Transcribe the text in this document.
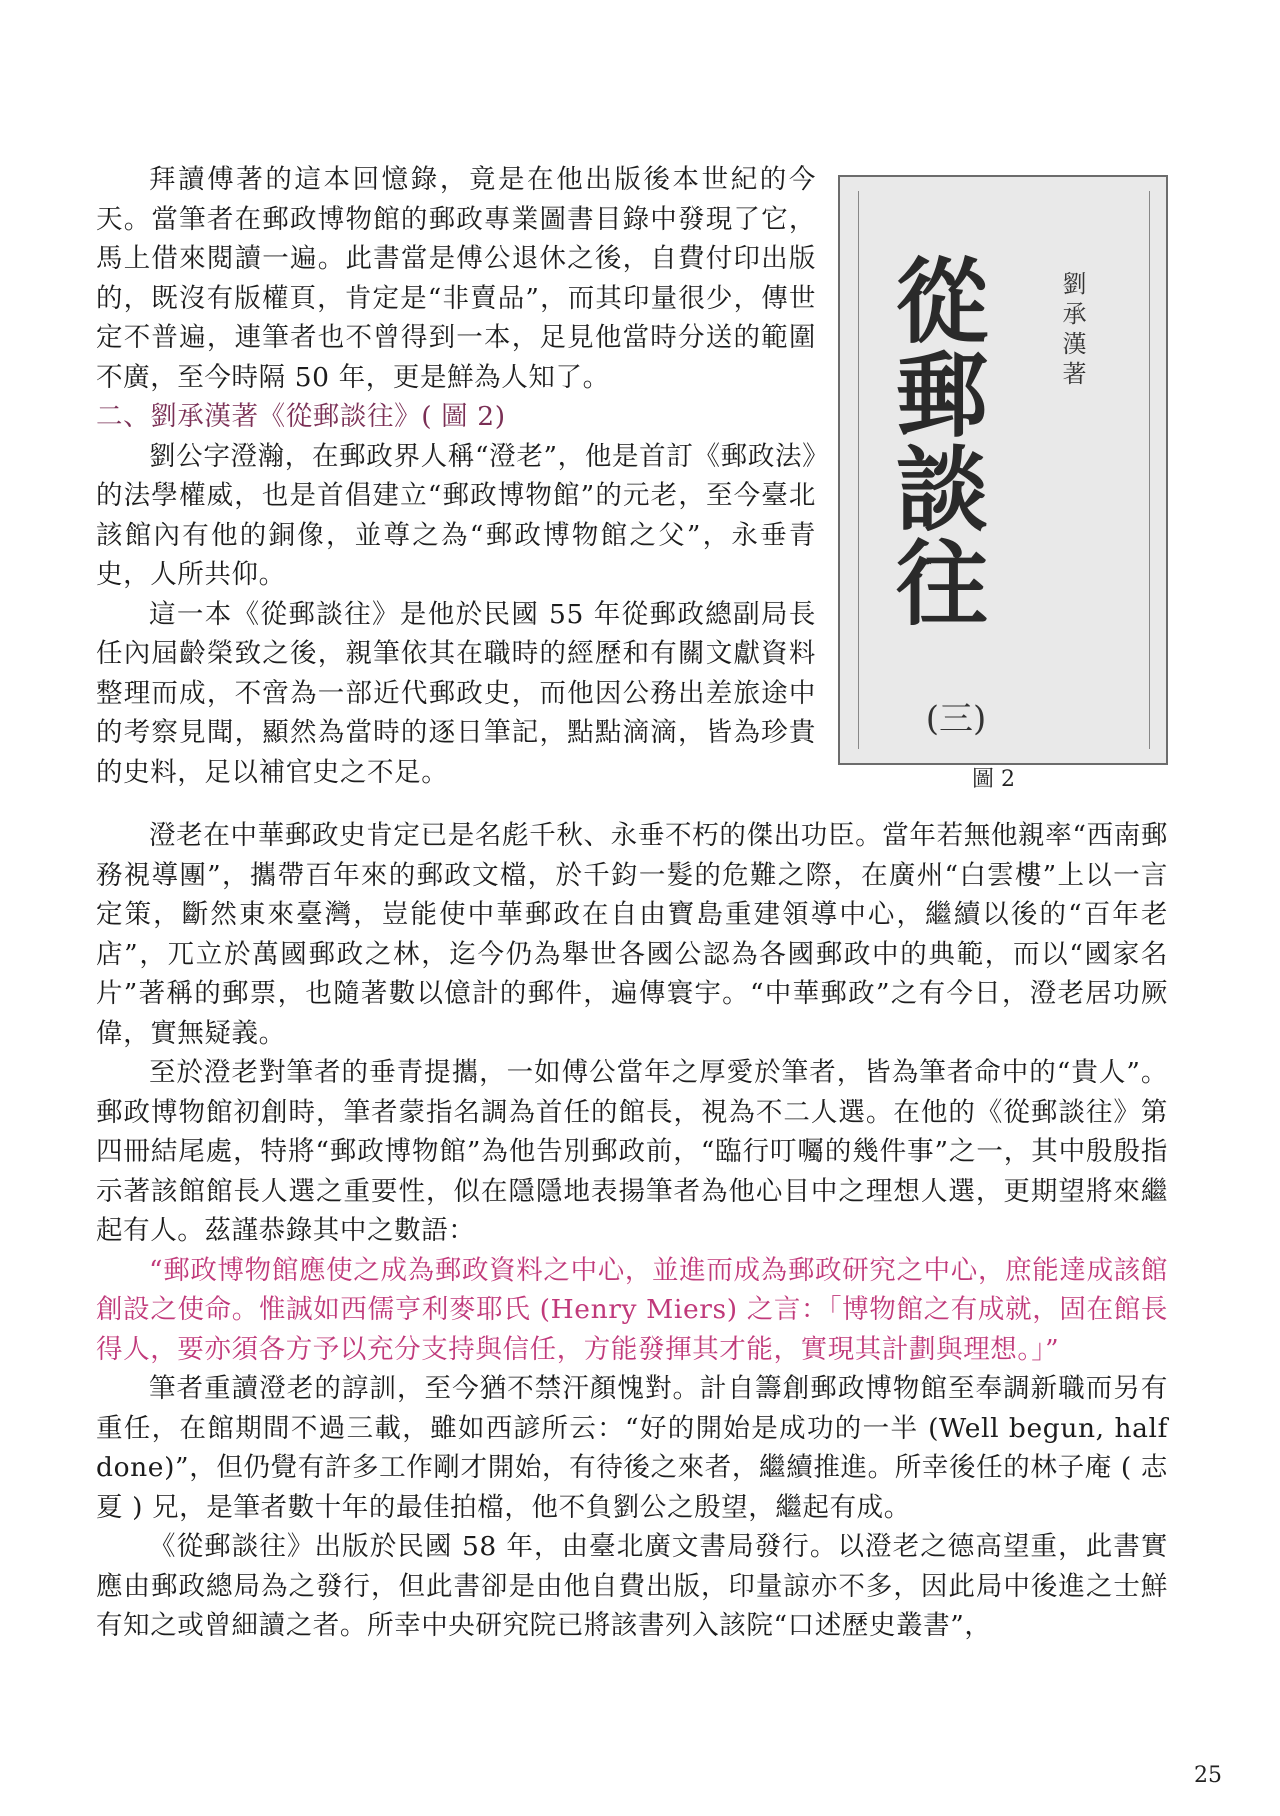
拜讀傅著的這本回憶錄，竟是在他出版後本世紀的今天。當筆者在郵政博物館的郵政專業圖書目錄中發現了它，馬上借來閱讀一遍。此書當是傅公退休之後，自費付印出版的，既沒有版權頁，肯定是“非賣品”，而其印量很少，傳世定不普遍，連筆者也不曾得到一本，足見他當時分送的範圍不廣，至今時隔 50 年，更是鮮為人知了。

二、劉承漢著《從郵談往》( 圖 2)

劉公字澄瀚，在郵政界人稱“澄老”，他是首訂《郵政法》的法學權威，也是首倡建立“郵政博物館”的元老，至今臺北該館內有他的銅像，並尊之為“郵政博物館之父”，永垂青史，人所共仰。

這一本《從郵談往》是他於民國 55 年從郵政總副局長任內屆齡榮致之後，親筆依其在職時的經歷和有關文獻資料整理而成，不啻為一部近代郵政史，而他因公務出差旅途中的考察見聞，顯然為當時的逐日筆記，點點滴滴，皆為珍貴的史料，足以補官史之不足。

從郵談往
(三)
劉承漢著
圖 2

澄老在中華郵政史肯定已是名彪千秋、永垂不朽的傑出功臣。當年若無他親率“西南郵務視導團”，攜帶百年來的郵政文檔，於千鈞一髮的危難之際，在廣州“白雲樓”上以一言定策，斷然東來臺灣，豈能使中華郵政在自由寶島重建領導中心，繼續以後的“百年老店”，兀立於萬國郵政之林，迄今仍為舉世各國公認為各國郵政中的典範，而以“國家名片”著稱的郵票，也隨著數以億計的郵件，遍傳寰宇。“中華郵政”之有今日，澄老居功厥偉，實無疑義。

至於澄老對筆者的垂青提攜，一如傅公當年之厚愛於筆者，皆為筆者命中的“貴人”。郵政博物館初創時，筆者蒙指名調為首任的館長，視為不二人選。在他的《從郵談往》第四冊結尾處，特將“郵政博物館”為他告別郵政前，“臨行叮囑的幾件事”之一，其中殷殷指示著該館館長人選之重要性，似在隱隱地表揚筆者為他心目中之理想人選，更期望將來繼起有人。茲謹恭錄其中之數語：

“郵政博物館應使之成為郵政資料之中心，並進而成為郵政研究之中心，庶能達成該館創設之使命。惟誠如西儒亨利麥耶氏 (Henry Miers) 之言：「博物館之有成就，固在館長得人，要亦須各方予以充分支持與信任，方能發揮其才能，實現其計劃與理想。」”

筆者重讀澄老的諄訓，至今猶不禁汗顏愧對。計自籌創郵政博物館至奉調新職而另有重任，在館期間不過三載，雖如西諺所云：“好的開始是成功的一半 (Well begun, half done)”，但仍覺有許多工作剛才開始，有待後之來者，繼續推進。所幸後任的林子庵 ( 志夏 ) 兄，是筆者數十年的最佳拍檔，他不負劉公之殷望，繼起有成。

《從郵談往》出版於民國 58 年，由臺北廣文書局發行。以澄老之德高望重，此書實應由郵政總局為之發行，但此書卻是由他自費出版，印量諒亦不多，因此局中後進之士鮮有知之或曾細讀之者。所幸中央研究院已將該書列入該院“口述歷史叢書”，

25
